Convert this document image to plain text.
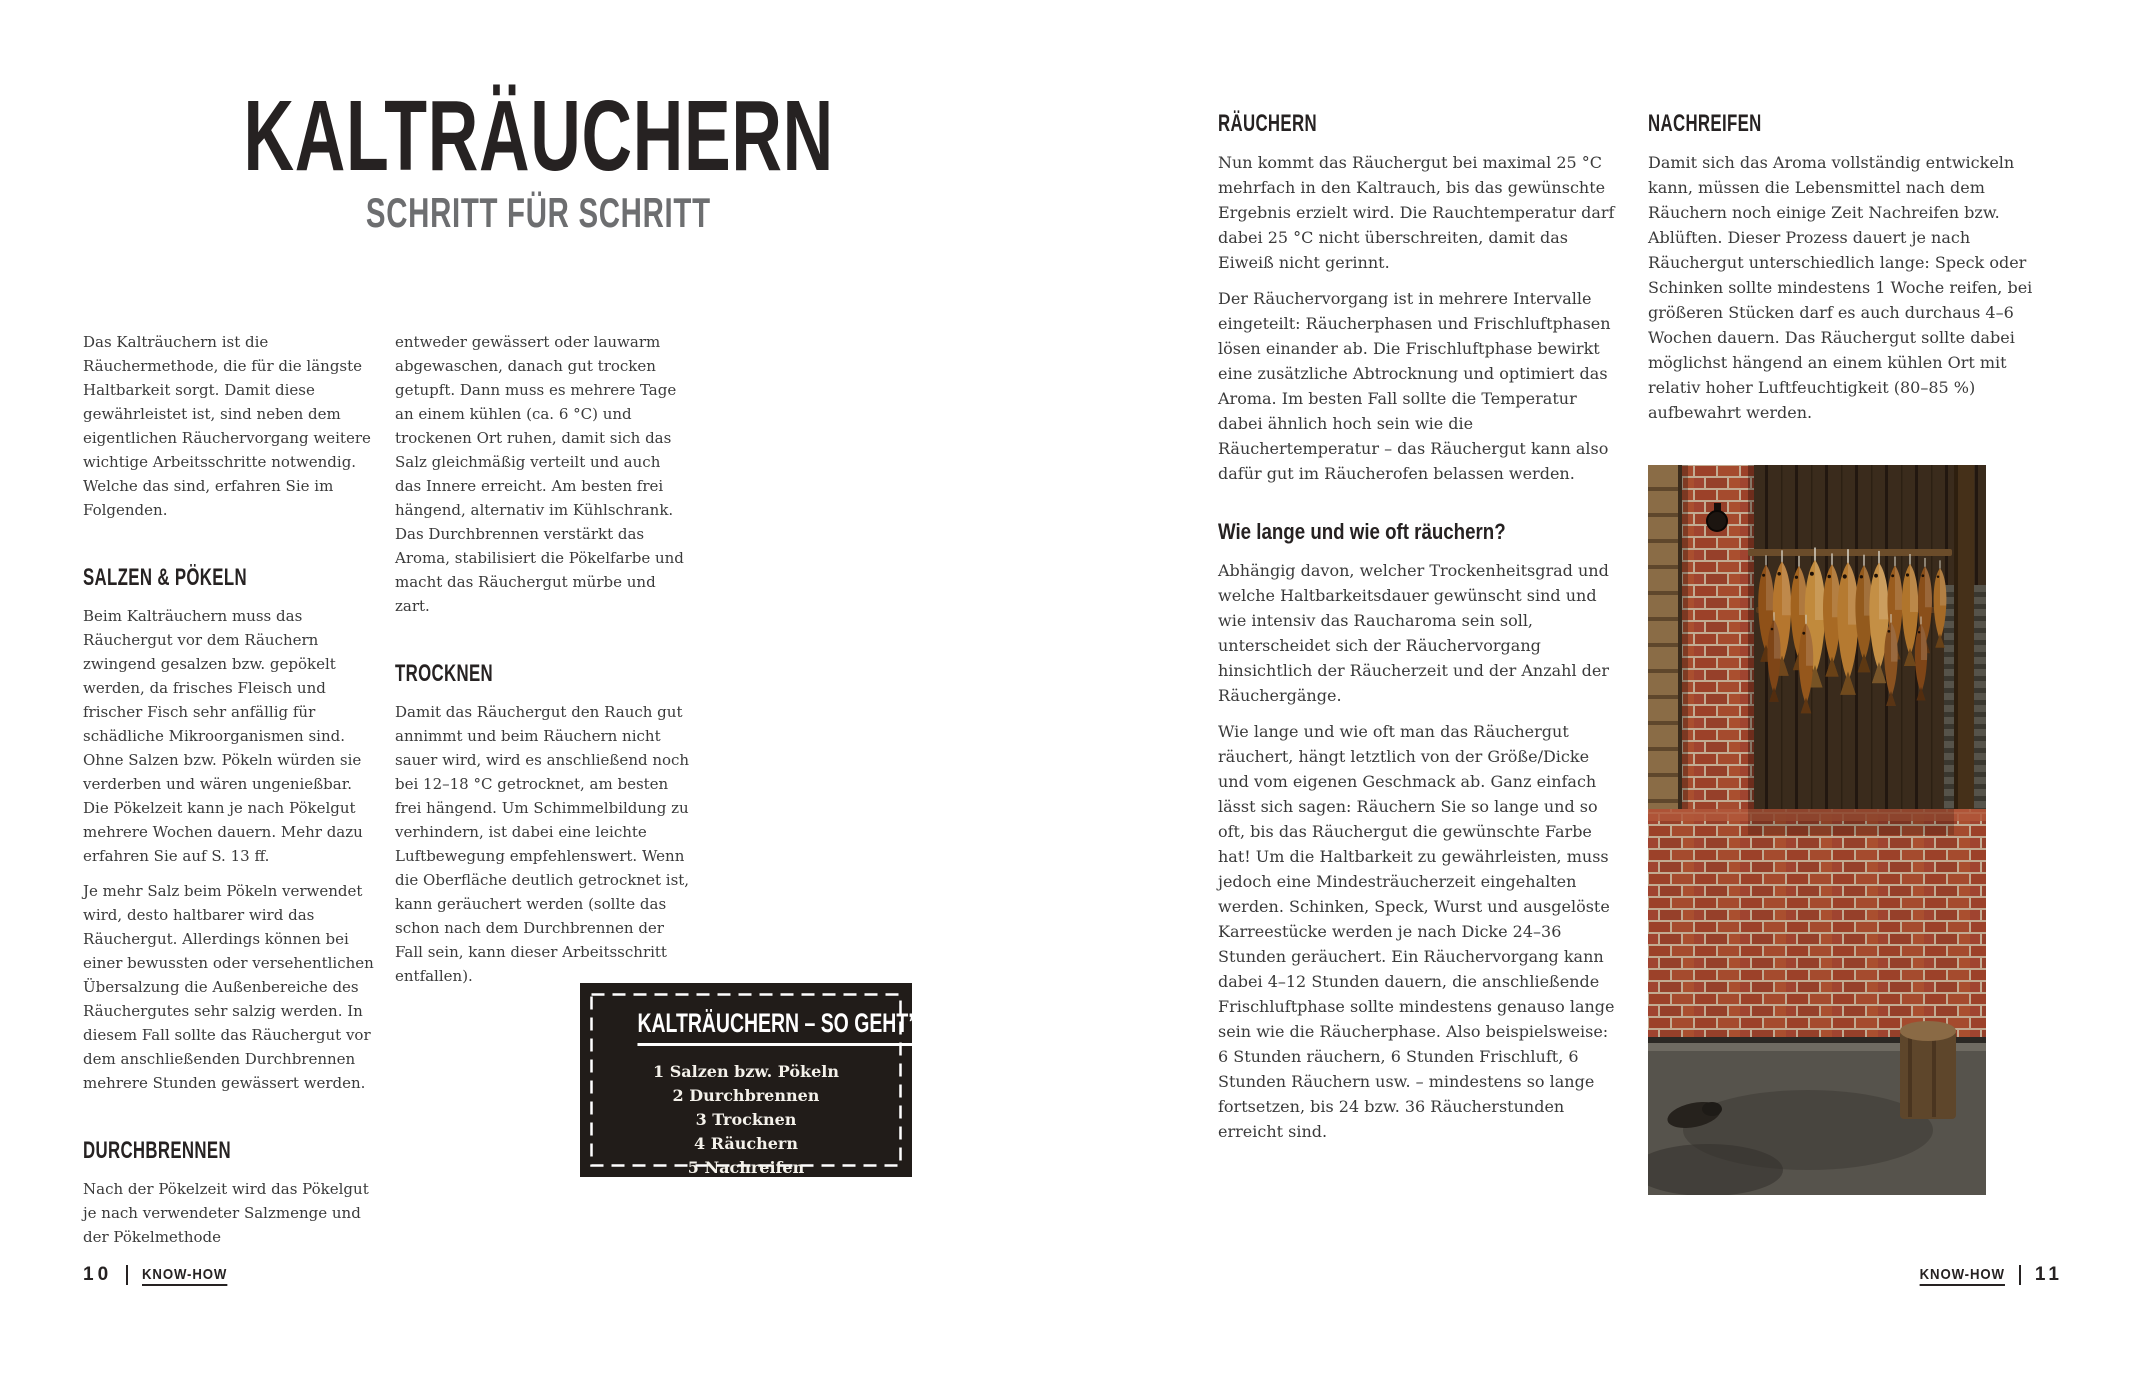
KALTRÄUCHERN
SCHRITT FÜR SCHRITT

Das Kalträuchern ist die Räuchermethode, die für die längste Haltbarkeit sorgt. Damit diese gewährleistet ist, sind neben dem eigentlichen Räuchervorgang weitere wichtige Arbeitsschritte notwendig. Welche das sind, erfahren Sie im Folgenden.

SALZEN & PÖKELN

Beim Kalträuchern muss das Räuchergut vor dem Räuchern zwingend gesalzen bzw. gepökelt werden, da frisches Fleisch und frischer Fisch sehr anfällig für schädliche Mikroorganismen sind. Ohne Salzen bzw. Pökeln würden sie verderben und wären ungenießbar. Die Pökelzeit kann je nach Pökelgut mehrere Wochen dauern. Mehr dazu erfahren Sie auf S. 13 ff.

Je mehr Salz beim Pökeln verwendet wird, desto haltbarer wird das Räuchergut. Allerdings können bei einer bewussten oder versehentlichen Übersalzung die Außenbereiche des Räuchergutes sehr salzig werden. In diesem Fall sollte das Räuchergut vor dem anschließenden Durchbrennen mehrere Stunden gewässert werden.

DURCHBRENNEN

Nach der Pökelzeit wird das Pökelgut je nach verwendeter Salzmenge und der Pökelmethode

entweder gewässert oder lauwarm abgewaschen, danach gut trocken getupft. Dann muss es mehrere Tage an einem kühlen (ca. 6 °C) und trockenen Ort ruhen, damit sich das Salz gleichmäßig verteilt und auch das Innere erreicht. Am besten frei hängend, alternativ im Kühlschrank. Das Durchbrennen verstärkt das Aroma, stabilisiert die Pökelfarbe und macht das Räuchergut mürbe und zart.

TROCKNEN

Damit das Räuchergut den Rauch gut annimmt und beim Räuchern nicht sauer wird, wird es anschließend noch bei 12–18 °C getrocknet, am besten frei hängend. Um Schimmelbildung zu verhindern, ist dabei eine leichte Luftbewegung empfehlenswert. Wenn die Oberfläche deutlich getrocknet ist, kann geräuchert werden (sollte das schon nach dem Durchbrennen der Fall sein, kann dieser Arbeitsschritt entfallen).

KALTRÄUCHERN – SO GEHT’S!
1 Salzen bzw. Pökeln
2 Durchbrennen
3 Trocknen
4 Räuchern
5 Nachreifen
10 KNOW-HOW
RÄUCHERN

Nun kommt das Räuchergut bei maximal 25 °C mehrfach in den Kaltrauch, bis das gewünschte Ergebnis erzielt wird. Die Rauchtemperatur darf dabei 25 °C nicht überschreiten, damit das Eiweiß nicht gerinnt.

Der Räuchervorgang ist in mehrere Intervalle eingeteilt: Räucherphasen und Frischluftphasen lösen einander ab. Die Frischluftphase bewirkt eine zusätzliche Abtrocknung und optimiert das Aroma. Im besten Fall sollte die Temperatur dabei ähnlich hoch sein wie die Räuchertemperatur – das Räuchergut kann also dafür gut im Räucherofen belassen werden.

Wie lange und wie oft räuchern?

Abhängig davon, welcher Trockenheitsgrad und welche Haltbarkeitsdauer gewünscht sind und wie intensiv das Raucharoma sein soll, unterscheidet sich der Räuchervorgang hinsichtlich der Räucherzeit und der Anzahl der Räuchergänge.

Wie lange und wie oft man das Räuchergut räuchert, hängt letztlich von der Größe/Dicke und vom eigenen Geschmack ab. Ganz einfach lässt sich sagen: Räuchern Sie so lange und so oft, bis das Räuchergut die gewünschte Farbe hat! Um die Haltbarkeit zu gewährleisten, muss jedoch eine Mindesträucherzeit eingehalten werden. Schinken, Speck, Wurst und ausgelöste Karreestücke werden je nach Dicke 24–36 Stunden geräuchert. Ein Räuchervorgang kann dabei 4–12 Stunden dauern, die anschließende Frischluftphase sollte mindestens genauso lange sein wie die Räucherphase. Also beispielsweise: 6 Stunden räuchern, 6 Stunden Frischluft, 6 Stunden Räuchern usw. – mindestens so lange fortsetzen, bis 24 bzw. 36 Räucherstunden erreicht sind.

NACHREIFEN

Damit sich das Aroma vollständig entwickeln kann, müssen die Lebensmittel nach dem Räuchern noch einige Zeit Nachreifen bzw. Ablüften. Dieser Prozess dauert je nach Räuchergut unterschiedlich lange: Speck oder Schinken sollte mindestens 1 Woche reifen, bei größeren Stücken darf es auch durchaus 4–6 Wochen dauern. Das Räuchergut sollte dabei möglichst hängend an einem kühlen Ort mit relativ hoher Luftfeuchtigkeit (80–85 %) aufbewahrt werden.

KNOW-HOW 11
